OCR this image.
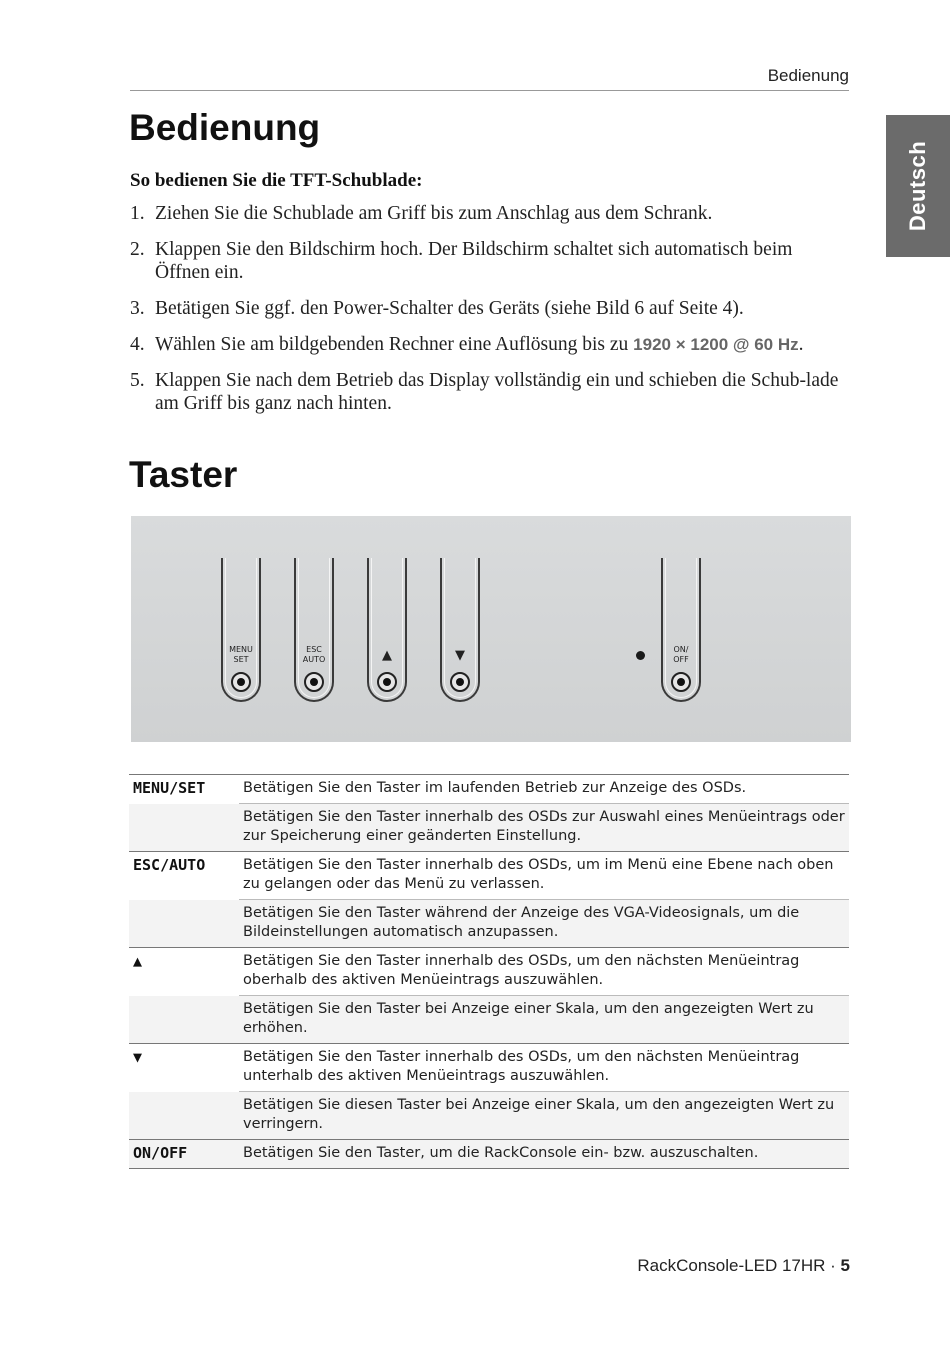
Bedienung
Deutsch
Bedienung

So bedienen Sie die TFT-Schublade:

1. Ziehen Sie die Schublade am Griff bis zum Anschlag aus dem Schrank.
2. Klappen Sie den Bildschirm hoch. Der Bildschirm schaltet sich automatisch beim Öffnen ein.
3. Betätigen Sie ggf. den Power-Schalter des Geräts (siehe Bild 6 auf Seite 4).
4. Wählen Sie am bildgebenden Rechner eine Auflösung bis zu 1920 × 1200 @ 60 Hz.
5. Klappen Sie nach dem Betrieb das Display vollständig ein und schieben die Schub-lade am Griff bis ganz nach hinten.
Taster
MENU
SET
ESC
AUTO	▲	▼	ON/
OFF
MENU/SET	Betätigen Sie den Taster im laufenden Betrieb zur Anzeige des OSDs.
	Betätigen Sie den Taster innerhalb des OSDs zur Auswahl eines Menüeintrags oder zur Speicherung einer geänderten Einstellung.
ESC/AUTO	Betätigen Sie den Taster innerhalb des OSDs, um im Menü eine Ebene nach oben zu gelangen oder das Menü zu verlassen.
	Betätigen Sie den Taster während der Anzeige des VGA-Videosignals, um die Bildeinstellungen automatisch anzupassen.
▲	Betätigen Sie den Taster innerhalb des OSDs, um den nächsten Menüeintrag oberhalb des aktiven Menüeintrags auszuwählen.
	Betätigen Sie den Taster bei Anzeige einer Skala, um den angezeigten Wert zu erhöhen.
▼	Betätigen Sie den Taster innerhalb des OSDs, um den nächsten Menüeintrag unterhalb des aktiven Menüeintrags auszuwählen.
	Betätigen Sie diesen Taster bei Anzeige einer Skala, um den angezeigten Wert zu verringern.
ON/OFF	Betätigen Sie den Taster, um die RackConsole ein- bzw. auszuschalten.
RackConsole-LED 17HR · 5
